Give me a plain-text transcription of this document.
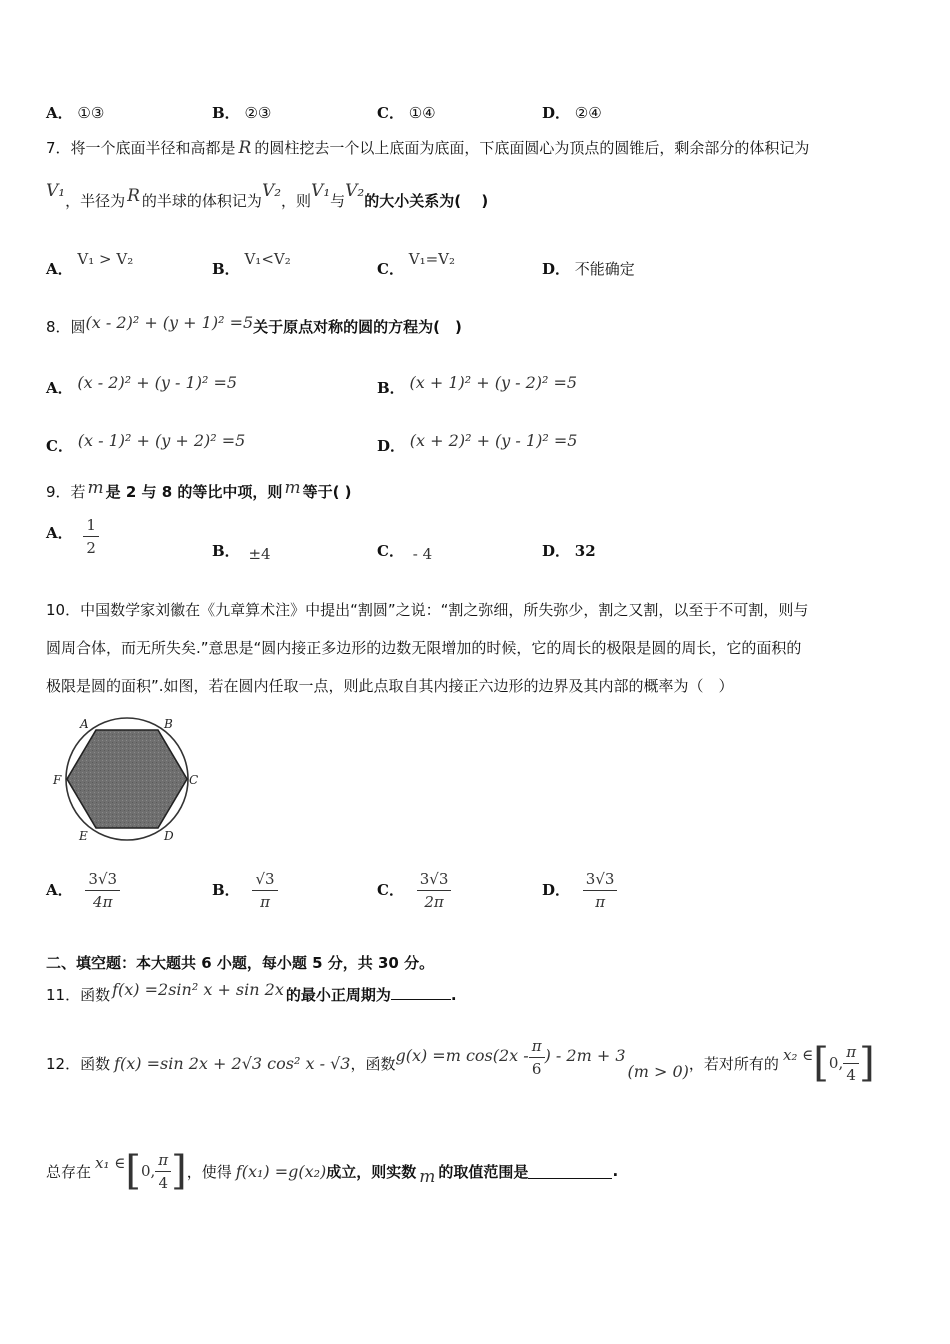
A． ①③	B． ②③	C． ①④	D． ②④
7．将一个底面半径和高都是 R 的圆柱挖去一个以上底面为底面，下底面圆心为顶点的圆锥后，剩余部分的体积记为
V₁，半径为 R 的半球的体积记为V₂，则V₁与V₂的大小关系为(　 )
A． V₁ > V₂
B． V₁<V₂
C． V₁=V₂
D． 不能确定
8．圆(x - 2)² + (y + 1)² =5关于原点对称的圆的方程为(　)
A． (x - 2)² + (y - 1)² =5	B． (x + 1)² + (y - 2)² =5
C． (x - 1)² + (y + 2)² =5	D． (x + 2)² + (y - 1)² =5
9．若 m 是 2 与 8 的等比中项，则 m 等于( )
A． $\frac{1}{2}$	B． ±4	C． - 4	D． 32
10．中国数学家刘徽在《九章算术注》中提出“割圆”之说：“割之弥细，所失弥少，割之又割，以至于不可割，则与
圆周合体，而无所失矣.”意思是“圆内接正多边形的边数无限增加的时候，它的周长的极限是圆的周长，它的面积的
极限是圆的面积”.如图，若在圆内任取一点，则此点取自其内接正六边形的边界及其内部的概率为（　）
A	B
C
D
E
F
A． $\frac{3√3}{4\pi}$	B． $\frac{√3}{\pi}$	C． $\frac{3√3}{2\pi}$	D． $\frac{3√3}{\pi}$
二、填空题：本大题共 6 小题，每小题 5 分，共 30 分。
11．函数 f(x) =2sin² x + sin 2x 的最小正周期为	.
12．函数 f(x) =sin 2x + 2√3 cos² x - √3 ，函数 g(x) =m $\cos(2x - \frac{\pi}{6}$ ) - 2m + 3
(m > 0) ，若对所有的 x₂ ∈ [ 0, $\frac{\pi}{4}$ ]
总存在 x₁ ∈ [ 0, $\frac{\pi}{4}$ ] ，使得 f(x₁) =g(x₂) 成立，则实数 m 的取值范围是	.
